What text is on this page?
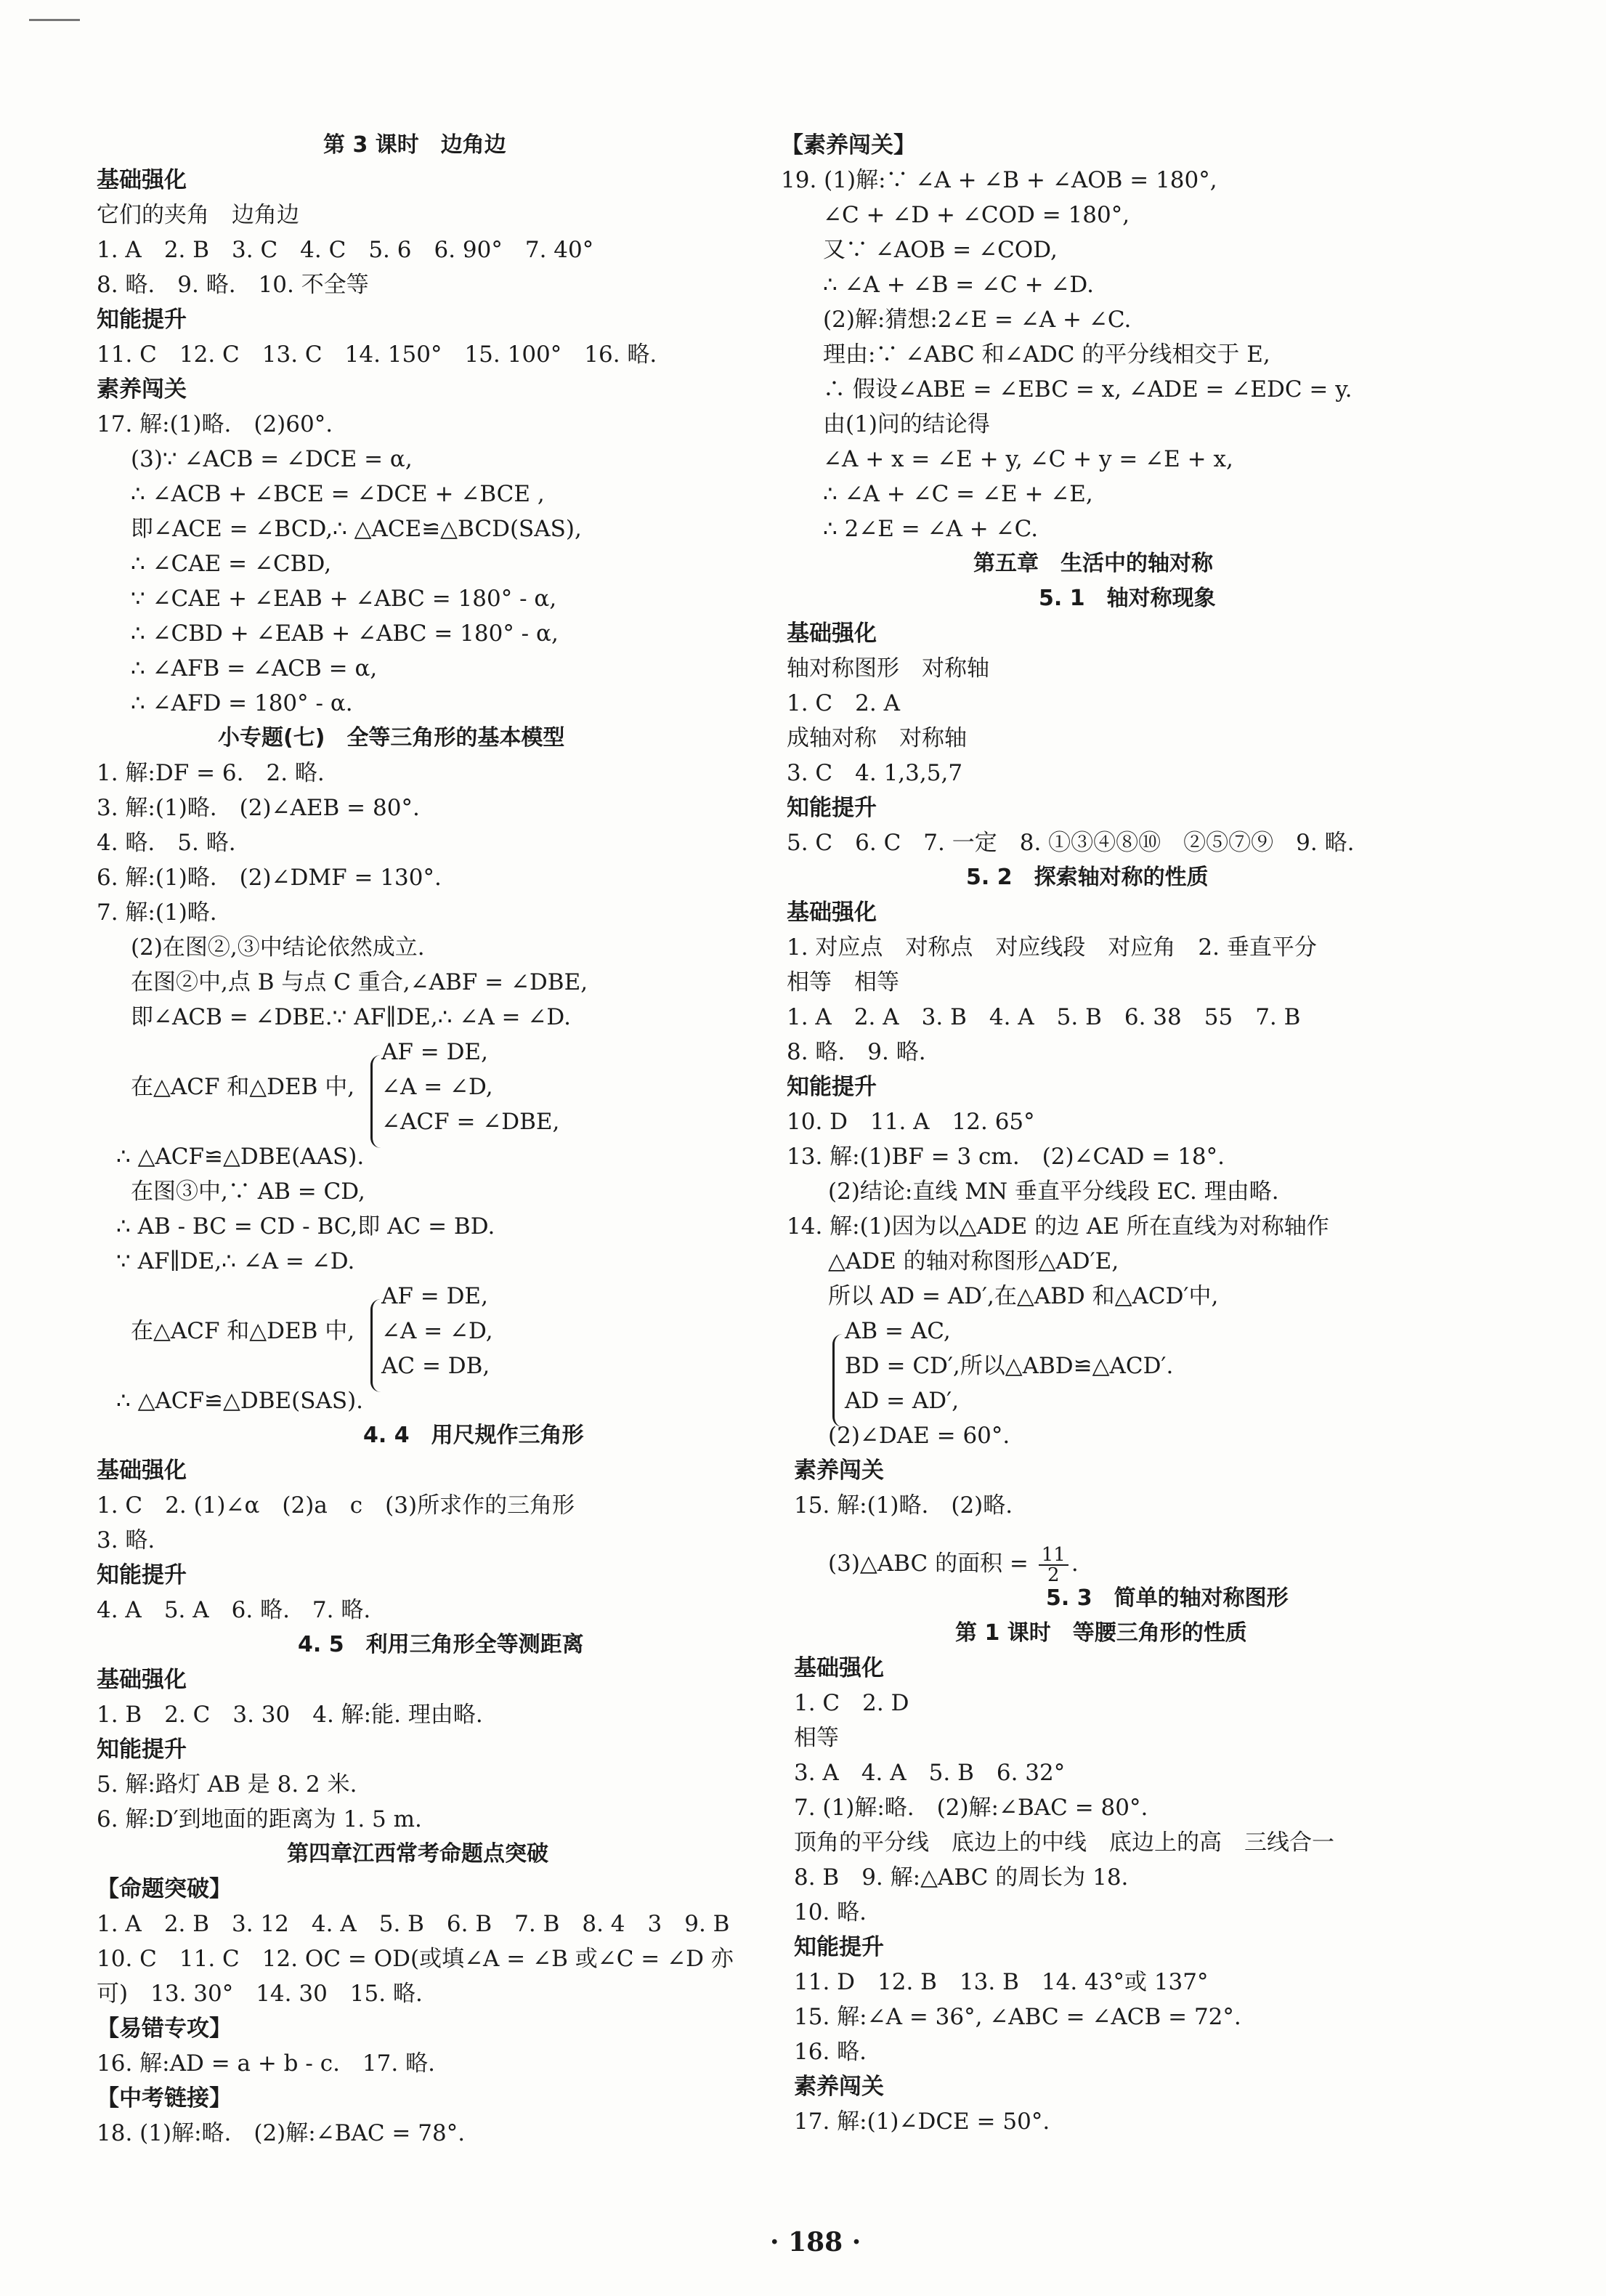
第 3 课时　边角边
基础强化
它们的夹角　边角边
1. A　2. B　3. C　4. C　5. 6　6. 90°　7. 40°
8. 略.　9. 略.　10. 不全等
知能提升
11. C　12. C　13. C　14. 150°　15. 100°　16. 略.
素养闯关
17. 解:(1)略.　(2)60°.
(3)∵ ∠ACB = ∠DCE = α,
∴ ∠ACB + ∠BCE = ∠DCE + ∠BCE ,
即∠ACE = ∠BCD,∴ △ACE≌△BCD(SAS),
∴ ∠CAE = ∠CBD,
∵ ∠CAE + ∠EAB + ∠ABC = 180° - α,
∴ ∠CBD + ∠EAB + ∠ABC = 180° - α,
∴ ∠AFB = ∠ACB = α,
∴ ∠AFD = 180° - α.
小专题(七)　全等三角形的基本模型
1. 解:DF = 6.　2. 略.
3. 解:(1)略.　(2)∠AEB = 80°.
4. 略.　5. 略.
6. 解:(1)略.　(2)∠DMF = 130°.
7. 解:(1)略.
(2)在图②,③中结论依然成立.
在图②中,点 B 与点 C 重合,∠ABF = ∠DBE,
即∠ACB = ∠DBE.∵ AF∥DE,∴ ∠A = ∠D.
AF = DE,
在△ACF 和△DEB 中, ∠A = ∠D,
∠ACF = ∠DBE,
∴ △ACF≌△DBE(AAS).
在图③中,∵ AB = CD,
∴ AB - BC = CD - BC,即 AC = BD.
∵ AF∥DE,∴ ∠A = ∠D.
AF = DE,
在△ACF 和△DEB 中, ∠A = ∠D,
AC = DB,
∴ △ACF≌△DBE(SAS).
4. 4　用尺规作三角形
基础强化
1. C　2. (1)∠α　(2)a　c　(3)所求作的三角形
3. 略.
知能提升
4. A　5. A　6. 略.　7. 略.
4. 5　利用三角形全等测距离
基础强化
1. B　2. C　3. 30　4. 解:能. 理由略.
知能提升
5. 解:路灯 AB 是 8. 2 米.
6. 解:D′到地面的距离为 1. 5 m.
第四章江西常考命题点突破
【命题突破】
1. A　2. B　3. 12　4. A　5. B　6. B　7. B　8. 4　3　9. B
10. C　11. C　12. OC = OD(或填∠A = ∠B 或∠C = ∠D 亦
可)　13. 30°　14. 30　15. 略.
【易错专攻】
16. 解:AD = a + b - c.　17. 略.
【中考链接】
18. (1)解:略.　(2)解:∠BAC = 78°.
【素养闯关】
19. (1)解:∵ ∠A + ∠B + ∠AOB = 180°,
∠C + ∠D + ∠COD = 180°,
又∵ ∠AOB = ∠COD,
∴ ∠A + ∠B = ∠C + ∠D.
(2)解:猜想:2∠E = ∠A + ∠C.
理由:∵ ∠ABC 和∠ADC 的平分线相交于 E,
∴ 假设∠ABE = ∠EBC = x, ∠ADE = ∠EDC = y.
由(1)问的结论得
∠A + x = ∠E + y, ∠C + y = ∠E + x,
∴ ∠A + ∠C = ∠E + ∠E,
∴ 2∠E = ∠A + ∠C.
第五章　生活中的轴对称
5. 1　轴对称现象
基础强化
轴对称图形　对称轴
1. C　2. A
成轴对称　对称轴
3. C　4. 1,3,5,7
知能提升
5. C　6. C　7. 一定　8. ①③④⑧⑩　②⑤⑦⑨　9. 略.
5. 2　探索轴对称的性质
基础强化
1. 对应点　对称点　对应线段　对应角　2. 垂直平分
相等　相等
1. A　2. A　3. B　4. A　5. B　6. 38　55　7. B
8. 略.　9. 略.
知能提升
10. D　11. A　12. 65°
13. 解:(1)BF = 3 cm.　(2)∠CAD = 18°.
(2)结论:直线 MN 垂直平分线段 EC. 理由略.
14. 解:(1)因为以△ADE 的边 AE 所在直线为对称轴作
△ADE 的轴对称图形△AD′E,
所以 AD = AD′,在△ABD 和△ACD′中,
AB = AC,
BD = CD′,所以△ABD≌△ACD′.
AD = AD′,
(2)∠DAE = 60°.
素养闯关
15. 解:(1)略.　(2)略.
5. 3　简单的轴对称图形
第 1 课时　等腰三角形的性质
基础强化
1. C　2. D
相等
3. A　4. A　5. B　6. 32°
7. (1)解:略.　(2)解:∠BAC = 80°.
顶角的平分线　底边上的中线　底边上的高　三线合一
8. B　9. 解:△ABC 的周长为 18.
10. 略.
知能提升
11. D　12. B　13. B　14. 43°或 137°
15. 解:∠A = 36°, ∠ABC = ∠ACB = 72°.
16. 略.
素养闯关
17. 解:(1)∠DCE = 50°.
(3)△ABC 的面积 = $\frac{11}{2}$ .
· 188 ·
